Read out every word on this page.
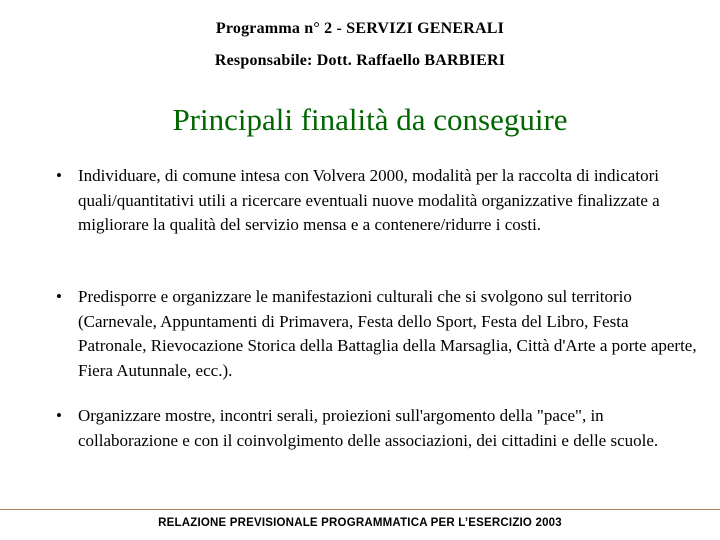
Programma n° 2 - SERVIZI GENERALI
Responsabile: Dott. Raffaello BARBIERI
Principali finalità da conseguire
• Individuare, di comune intesa con Volvera 2000, modalità per la raccolta di indicatori quali/quantitativi utili a ricercare eventuali nuove modalità organizzative finalizzate a migliorare la qualità del servizio mensa e a contenere/ridurre i costi.
• Predisporre e organizzare le manifestazioni culturali che si svolgono sul territorio (Carnevale, Appuntamenti di Primavera, Festa dello Sport, Festa del Libro, Festa Patronale, Rievocazione Storica della Battaglia della Marsaglia, Città d'Arte a porte aperte, Fiera Autunnale, ecc.).
• Organizzare mostre, incontri serali, proiezioni sull'argomento della "pace", in collaborazione e con il coinvolgimento delle associazioni, dei cittadini e delle scuole.
RELAZIONE PREVISIONALE PROGRAMMATICA PER L’ESERCIZIO 2003
